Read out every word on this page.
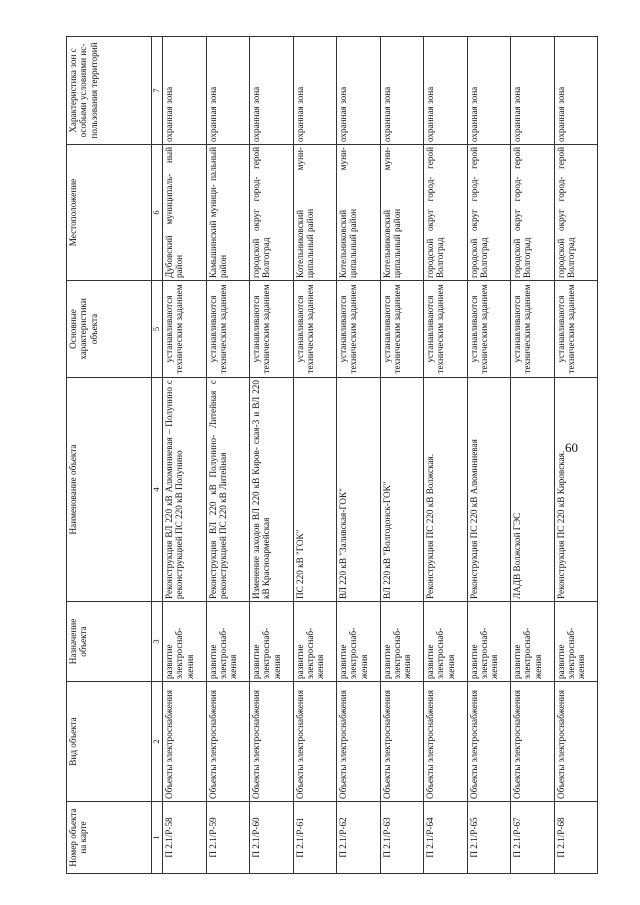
60
Номер объекта на карте	Вид объекта	Назначение объекта	Наименование объекта	Основные характеристики объекта	Местоположение	Характеристика зон с особыми условиями ис- пользования территорий
1	2	3	4	5	6	7
П 2.1/Р-58	Объекты электроснабжения	развитие электроснаб- жения	Реконструкция ВЛ 220 кВ Алюминиевая – Полунино с реконструкцией ПС 220 кВ Полунино	устанавливаются техническим заданием	Дубовский муниципаль- ный район	охранная зона
П 2.1/Р-59	Объекты электроснабжения	развитие электроснаб- жения	Реконструкция ВЛ 220 кВ Полунино- Литейная с реконструкцией ПС 220 кВ Литейная	устанавливаются техническим заданием	Камышинский муници- пальный район	охранная зона
П 2.1/Р-60	Объекты электроснабжения	развитие электроснаб- жения	Изменение заходов ВЛ 220 кВ Киров- ская-3 и ВЛ 220 кВ Красноармейская	устанавливаются техническим заданием	городской округ город- герой Волгоград	охранная зона
П 2.1/Р-61	Объекты электроснабжения	развитие электроснаб- жения	ПС 220 кВ "ГОК"	устанавливаются техническим заданием	Котельниковский муни- ципальный район	охранная зона
П 2.1/Р-62	Объекты электроснабжения	развитие электроснаб- жения	ВЛ 220 кВ "Заливская-ГОК"	устанавливаются техническим заданием	Котельниковский муни- ципальный район	охранная зона
П 2.1/Р-63	Объекты электроснабжения	развитие электроснаб- жения	ВЛ 220 кВ "Волгодонск-ГОК"	устанавливаются техническим заданием	Котельниковский муни- ципальный район	охранная зона
П 2.1/Р-64	Объекты электроснабжения	развитие электроснаб- жения	Реконструкция ПС 220 кВ Волжская.	устанавливаются техническим заданием	городской округ город- герой Волгоград	охранная зона
П 2.1/Р-65	Объекты электроснабжения	развитие электроснаб- жения	Реконструкция ПС 220 кВ Алюминиевая	устанавливаются техническим заданием	городской округ город- герой Волгоград	охранная зона
П 2.1/Р-67	Объекты электроснабжения	развитие электроснаб- жения	ЛАДВ Волжской ГЭС	устанавливаются техническим заданием	городской округ город- герой Волгоград	охранная зона
П 2.1/Р-68	Объекты электроснабжения	развитие электроснаб- жения	Реконструкция ПС 220 кВ Кировская.	устанавливаются техническим заданием	городской округ город- герой Волгоград	охранная зона
